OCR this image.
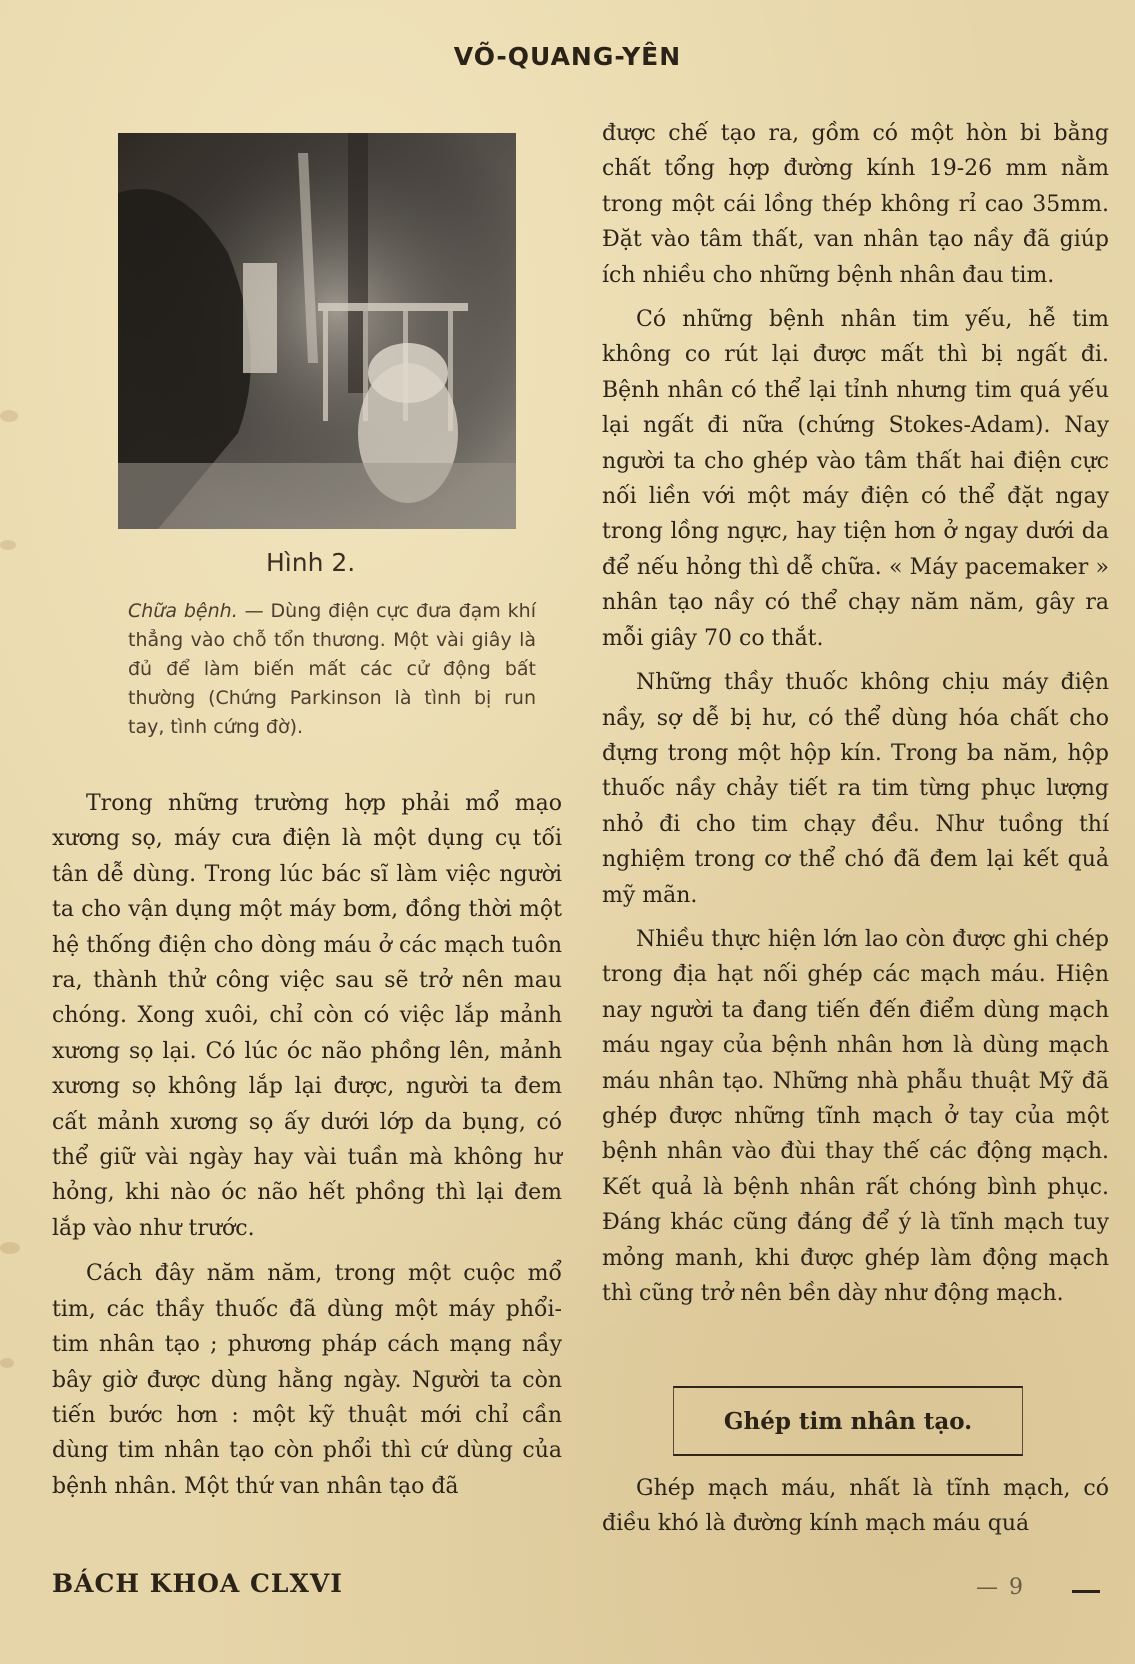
VÕ-QUANG-YÊN
Hình 2.
Chữa bệnh. — Dùng điện cực đưa đạm khí thẳng vào chỗ tổn thương. Một vài giây là đủ để làm biến mất các cử động bất thường (Chứng Parkinson là tình bị run tay, tình cứng đờ).

Trong những trường hợp phải mổ mạo xương sọ, máy cưa điện là một dụng cụ tối tân dễ dùng. Trong lúc bác sĩ làm việc người ta cho vận dụng một máy bơm, đồng thời một hệ thống điện cho dòng máu ở các mạch tuôn ra, thành thử công việc sau sẽ trở nên mau chóng. Xong xuôi, chỉ còn có việc lắp mảnh xương sọ lại. Có lúc óc não phồng lên, mảnh xương sọ không lắp lại được, người ta đem cất mảnh xương sọ ấy dưới lớp da bụng, có thể giữ vài ngày hay vài tuần mà không hư hỏng, khi nào óc não hết phồng thì lại đem lắp vào như trước.

Cách đây năm năm, trong một cuộc mổ tim, các thầy thuốc đã dùng một máy phổi-tim nhân tạo ; phương pháp cách mạng nầy bây giờ được dùng hằng ngày. Người ta còn tiến bước hơn : một kỹ thuật mới chỉ cần dùng tim nhân tạo còn phổi thì cứ dùng của bệnh nhân. Một thứ van nhân tạo đã

được chế tạo ra, gồm có một hòn bi bằng chất tổng hợp đường kính 19-26 mm nằm trong một cái lồng thép không rỉ cao 35mm. Đặt vào tâm thất, van nhân tạo nầy đã giúp ích nhiều cho những bệnh nhân đau tim.

Có những bệnh nhân tim yếu, hễ tim không co rút lại được mất thì bị ngất đi. Bệnh nhân có thể lại tỉnh nhưng tim quá yếu lại ngất đi nữa (chứng Stokes-Adam). Nay người ta cho ghép vào tâm thất hai điện cực nối liền với một máy điện có thể đặt ngay trong lồng ngực, hay tiện hơn ở ngay dưới da để nếu hỏng thì dễ chữa. « Máy pacemaker » nhân tạo nầy có thể chạy năm năm, gây ra mỗi giây 70 co thắt.

Những thầy thuốc không chịu máy điện nầy, sợ dễ bị hư, có thể dùng hóa chất cho đựng trong một hộp kín. Trong ba năm, hộp thuốc nầy chảy tiết ra tim từng phục lượng nhỏ đi cho tim chạy đều. Như tuồng thí nghiệm trong cơ thể chó đã đem lại kết quả mỹ mãn.

Nhiều thực hiện lớn lao còn được ghi chép trong địa hạt nối ghép các mạch máu. Hiện nay người ta đang tiến đến điểm dùng mạch máu ngay của bệnh nhân hơn là dùng mạch máu nhân tạo. Những nhà phẫu thuật Mỹ đã ghép được những tĩnh mạch ở tay của một bệnh nhân vào đùi thay thế các động mạch. Kết quả là bệnh nhân rất chóng bình phục. Đáng khác cũng đáng để ý là tĩnh mạch tuy mỏng manh, khi được ghép làm động mạch thì cũng trở nên bền dày như động mạch.

Ghép tim nhân tạo.

Ghép mạch máu, nhất là tĩnh mạch, có điều khó là đường kính mạch máu quá

BÁCH KHOA CLXVI	— 9
